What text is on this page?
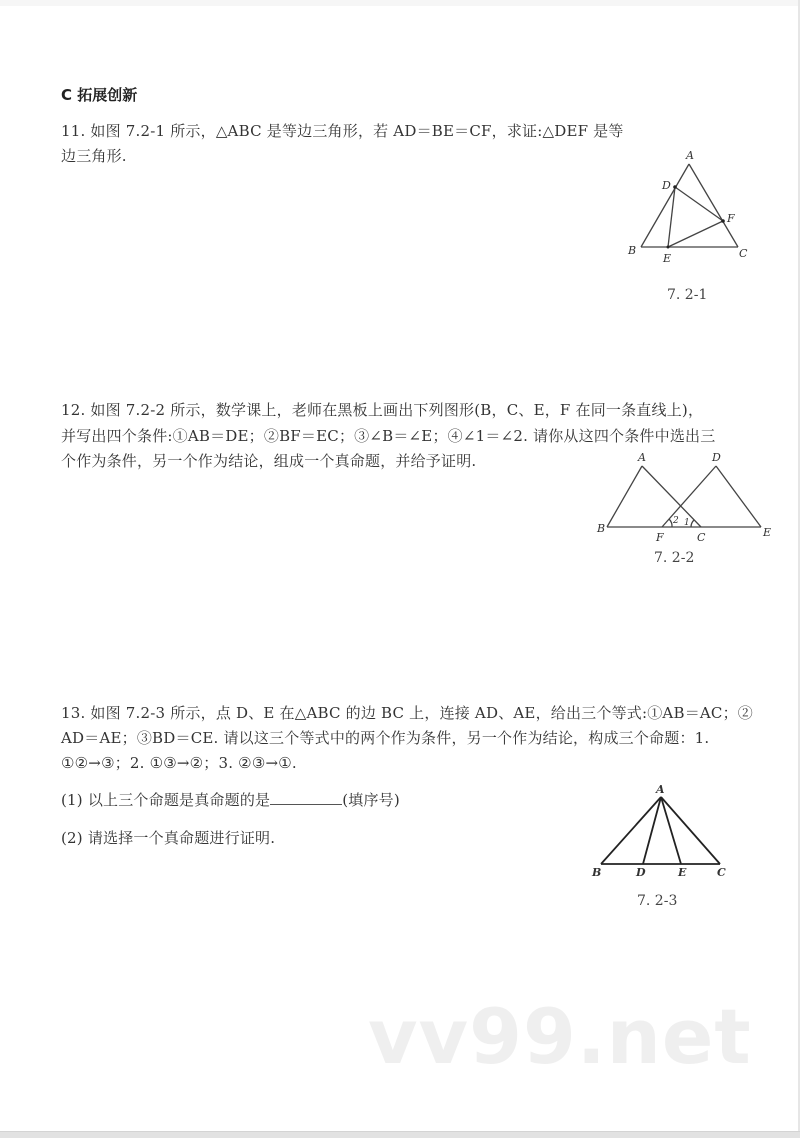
C 拓展创新
11. 如图 7.2-1 所示，△ABC 是等边三角形，若 AD＝BE＝CF，求证:△DEF 是等
边三角形.	A
D
F
B
E	C
7. 2-1
12. 如图 7.2-2 所示，数学课上，老师在黑板上画出下列图形(B，C、E，F 在同一条直线上)，
并写出四个条件:①AB＝DE；②BF＝EC；③∠B＝∠E；④∠1＝∠2. 请你从这四个条件中选出三
个作为条件，另一个作为结论，组成一个真命题，并给予证明.	A	D
B
F	C	E
2 1
7. 2-2
13. 如图 7.2-3 所示，点 D、E 在△ABC 的边 BC 上，连接 AD、AE，给出三个等式:①AB＝AC；②
AD＝AE；③BD＝CE. 请以这三个等式中的两个作为条件，另一个作为结论，构成三个命题：1.
①②→③；2. ①③→②；3. ②③→①.
(1) 以上三个命题是真命题的是	(填序号)
(2) 请选择一个真命题进行证明.
A
B	D	E	C
7. 2-3
vv99.net
